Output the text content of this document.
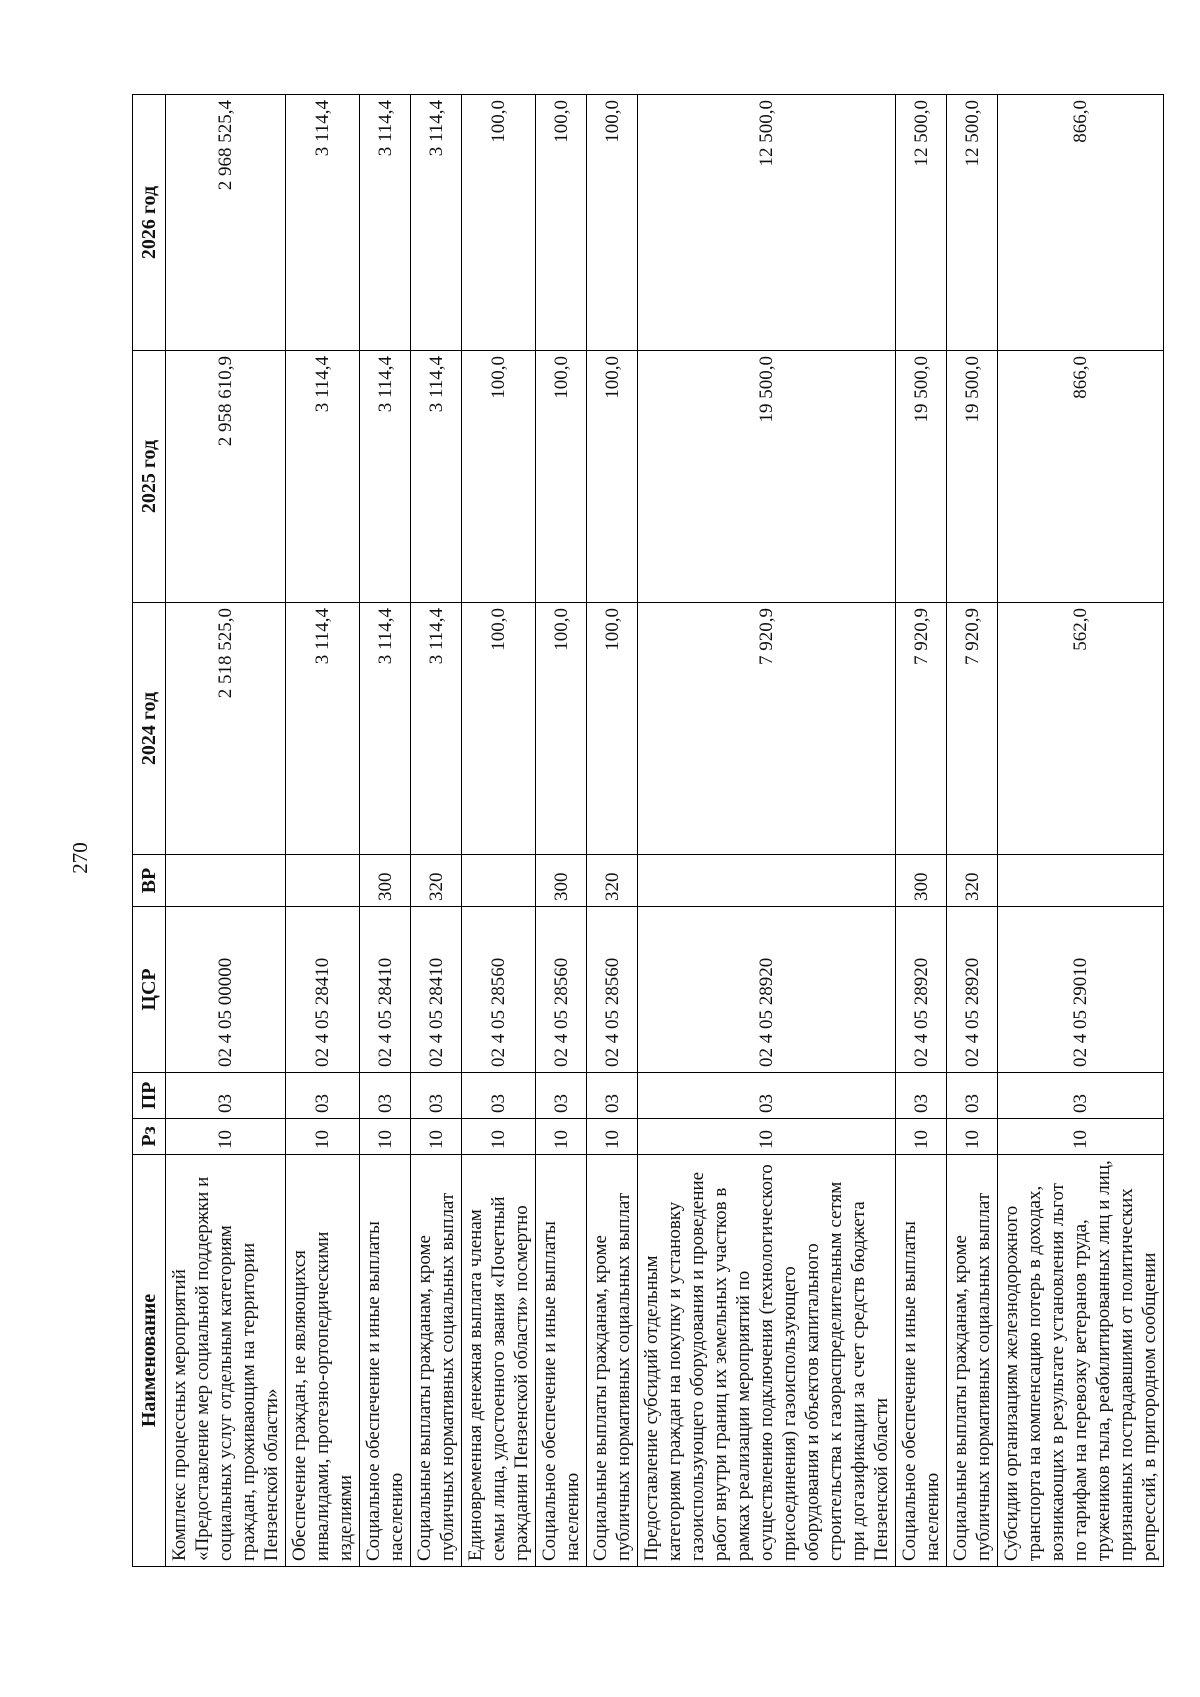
270
Наименование	Рз	ПР	ЦСР	ВР	2024 год	2025 год	2026 год
Комплекс процессных мероприятий «Предоставление мер социальной поддержки и социальных услуг отдельным категориям граждан, проживающим на территории Пензенской области»	10	03	02 4 05 00000		2 518 525,0	2 958 610,9	2 968 525,4
Обеспечение граждан, не являющихся инвалидами, протезно-ортопедическими изделиями	10	03	02 4 05 28410		3 114,4	3 114,4	3 114,4
Социальное обеспечение и иные выплаты населению	10	03	02 4 05 28410	300	3 114,4	3 114,4	3 114,4
Социальные выплаты гражданам, кроме публичных нормативных социальных выплат	10	03	02 4 05 28410	320	3 114,4	3 114,4	3 114,4
Единовременная денежная выплата членам семьи лица, удостоенного звания «Почетный гражданин Пензенской области» посмертно	10	03	02 4 05 28560		100,0	100,0	100,0
Социальное обеспечение и иные выплаты населению	10	03	02 4 05 28560	300	100,0	100,0	100,0
Социальные выплаты гражданам, кроме публичных нормативных социальных выплат	10	03	02 4 05 28560	320	100,0	100,0	100,0
Предоставление субсидий отдельным категориям граждан на покупку и установку газоиспользующего оборудования и проведение работ внутри границ их земельных участков в рамках реализации мероприятий по осуществлению подключения (технологического присоединения) газоиспользующего оборудования и объектов капитального строительства к газораспределительным сетям при догазификации за счет средств бюджета Пензенской области	10	03	02 4 05 28920		7 920,9	19 500,0	12 500,0
Социальное обеспечение и иные выплаты населению	10	03	02 4 05 28920	300	7 920,9	19 500,0	12 500,0
Социальные выплаты гражданам, кроме публичных нормативных социальных выплат	10	03	02 4 05 28920	320	7 920,9	19 500,0	12 500,0
Субсидии организациям железнодорожного транспорта на компенсацию потерь в доходах, возникающих в результате установления льгот по тарифам на перевозку ветеранов труда, тружеников тыла, реабилитированных лиц и лиц, признанных пострадавшими от политических репрессий, в пригородном сообщении	10	03	02 4 05 29010		562,0	866,0	866,0
